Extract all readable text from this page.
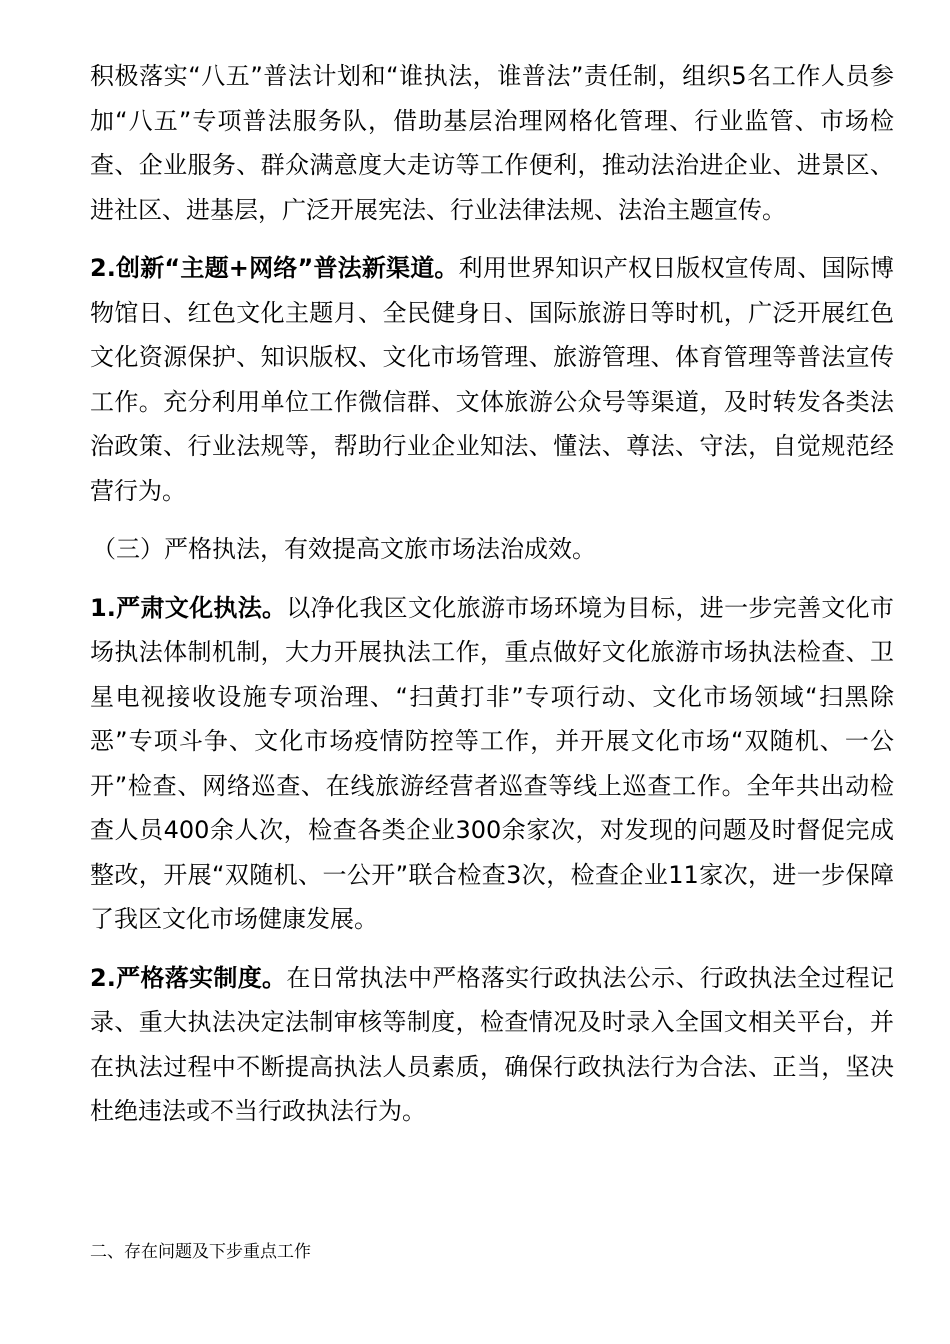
积极落实“八五”普法计划和“谁执法，谁普法”责任制，组织5名工作人员参加“八五”专项普法服务队，借助基层治理网格化管理、行业监管、市场检查、企业服务、群众满意度大走访等工作便利，推动法治进企业、进景区、进社区、进基层，广泛开展宪法、行业法律法规、法治主题宣传。

2.创新“主题+网络”普法新渠道。利用世界知识产权日版权宣传周、国际博物馆日、红色文化主题月、全民健身日、国际旅游日等时机，广泛开展红色文化资源保护、知识版权、文化市场管理、旅游管理、体育管理等普法宣传工作。充分利用单位工作微信群、文体旅游公众号等渠道，及时转发各类法治政策、行业法规等，帮助行业企业知法、懂法、尊法、守法，自觉规范经营行为。

（三）严格执法，有效提高文旅市场法治成效。

1.严肃文化执法。以净化我区文化旅游市场环境为目标，进一步完善文化市场执法体制机制，大力开展执法工作，重点做好文化旅游市场执法检查、卫星电视接收设施专项治理、“扫黄打非”专项行动、文化市场领域“扫黑除恶”专项斗争、文化市场疫情防控等工作，并开展文化市场“双随机、一公开”检查、网络巡查、在线旅游经营者巡查等线上巡查工作。全年共出动检查人员400余人次，检查各类企业300余家次，对发现的问题及时督促完成整改，开展“双随机、一公开”联合检查3次，检查企业11家次，进一步保障了我区文化市场健康发展。

2.严格落实制度。在日常执法中严格落实行政执法公示、行政执法全过程记录、重大执法决定法制审核等制度，检查情况及时录入全国文相关平台，并在执法过程中不断提高执法人员素质，确保行政执法行为合法、正当，坚决杜绝违法或不当行政执法行为。

二、存在问题及下步重点工作
